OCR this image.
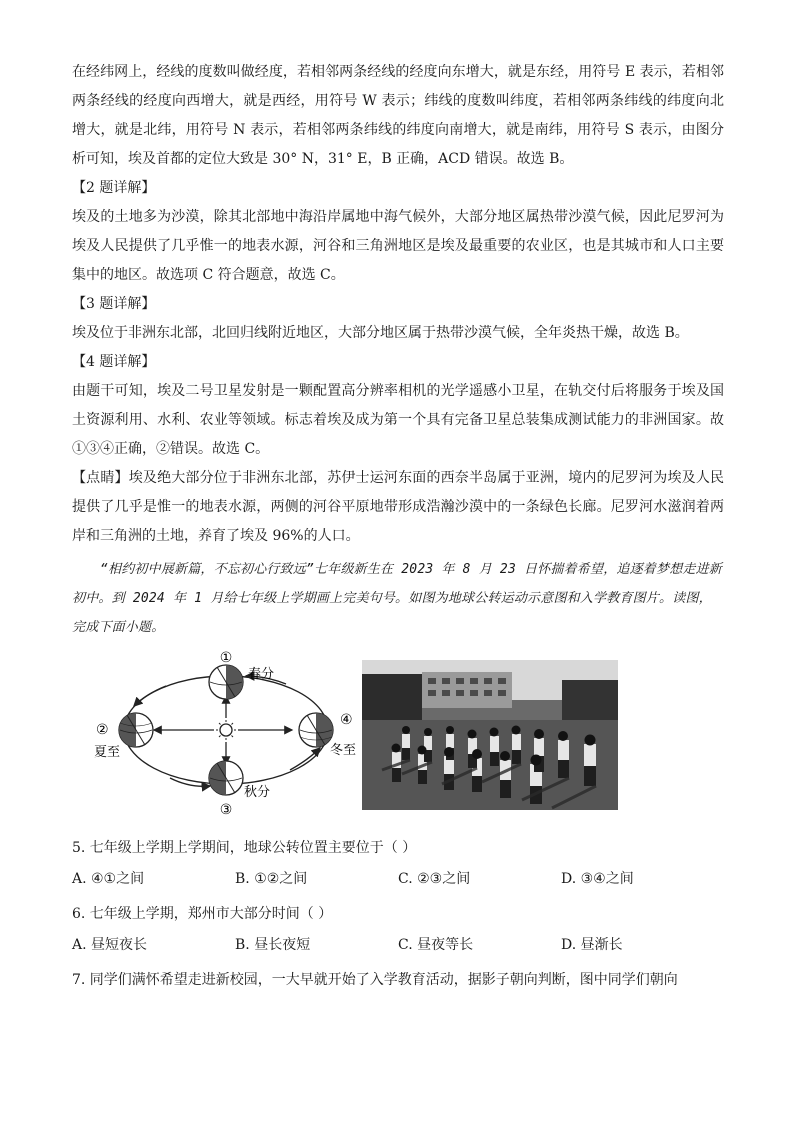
在经纬网上，经线的度数叫做经度，若相邻两条经线的经度向东增大，就是东经，用符号 E 表示，若相邻两条经线的经度向西增大，就是西经，用符号 W 表示；纬线的度数叫纬度，若相邻两条纬线的纬度向北增大，就是北纬，用符号 N 表示，若相邻两条纬线的纬度向南增大，就是南纬，用符号 S 表示，由图分析可知，埃及首都的定位大致是 30° N，31° E，B 正确，ACD 错误。故选 B。

【2 题详解】

埃及的土地多为沙漠，除其北部地中海沿岸属地中海气候外，大部分地区属热带沙漠气候，因此尼罗河为埃及人民提供了几乎惟一的地表水源，河谷和三角洲地区是埃及最重要的农业区，也是其城市和人口主要集中的地区。故选项 C 符合题意，故选 C。

【3 题详解】

埃及位于非洲东北部，北回归线附近地区，大部分地区属于热带沙漠气候，全年炎热干燥，故选 B。

【4 题详解】

由题干可知，埃及二号卫星发射是一颗配置高分辨率相机的光学遥感小卫星，在轨交付后将服务于埃及国土资源利用、水利、农业等领域。标志着埃及成为第一个具有完备卫星总装集成测试能力的非洲国家。故①③④正确，②错误。故选 C。

【点睛】埃及绝大部分位于非洲东北部，苏伊士运河东面的西奈半岛属于亚洲，境内的尼罗河为埃及人民提供了几乎是惟一的地表水源，两侧的河谷平原地带形成浩瀚沙漠中的一条绿色长廊。尼罗河水滋润着两岸和三角洲的土地，养育了埃及 96%的人口。

“相约初中展新篇，不忘初心行致远”七年级新生在 2023 年 8 月 23 日怀揣着希望，追逐着梦想走进新初中。到 2024 年 1 月给七年级上学期画上完美句号。如图为地球公转运动示意图和入学教育图片。读图，完成下面小题。

①
春分
②
夏至
③
秋分
④
冬至

5. 七年级上学期上学期间，地球公转位置主要位于（ ）

A. ④①之间	B. ①②之间	C. ②③之间	D. ③④之间

6. 七年级上学期，郑州市大部分时间（ ）

A. 昼短夜长	B. 昼长夜短	C. 昼夜等长	D. 昼渐长

7. 同学们满怀希望走进新校园，一大早就开始了入学教育活动，据影子朝向判断，图中同学们朝向
